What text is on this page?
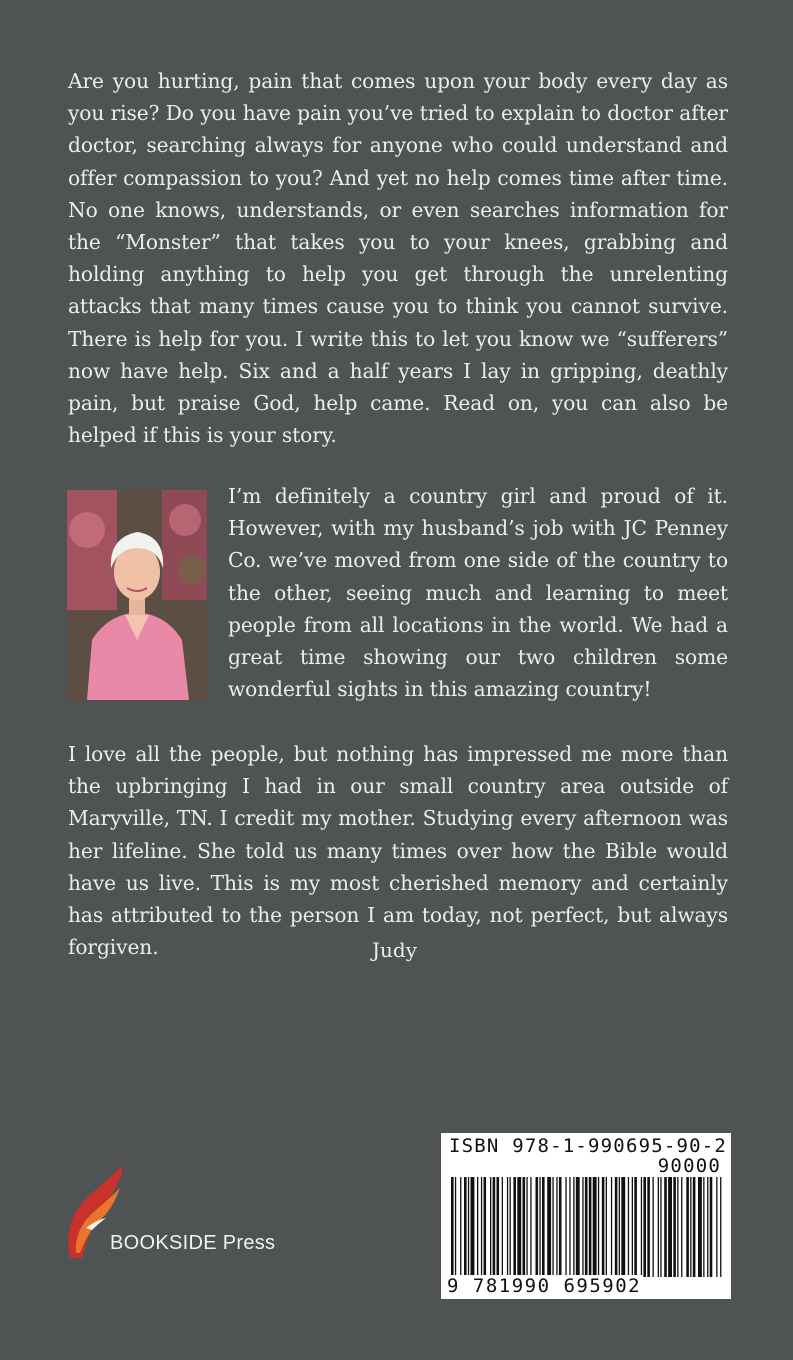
Are you hurting, pain that comes upon your body every day as you rise? Do you have pain you’ve tried to explain to doctor after doctor, searching always for anyone who could understand and offer compassion to you? And yet no help comes time after time. No one knows, understands, or even searches information for the “Monster” that takes you to your knees, grabbing and holding anything to help you get through the unrelenting attacks that many times cause you to think you cannot survive. There is help for you. I write this to let you know we “sufferers” now have help. Six and a half years I lay in gripping, deathly pain, but praise God, help came. Read on, you can also be helped if this is your story.

I’m definitely a country girl and proud of it. However, with my husband’s job with JC Penney Co. we’ve moved from one side of the country to the other, seeing much and learning to meet people from all locations in the world. We had a great time showing our two children some wonderful sights in this amazing country!

I love all the people, but nothing has impressed me more than the upbringing I had in our small country area outside of Maryville, TN. I credit my mother. Studying every afternoon was her lifeline. She told us many times over how the Bible would have us live. This is my most cherished memory and certainly has attributed to the person I am today, not perfect, but always forgiven.	Judy
BOOKSIDE Press
ISBN 978-1-990695-90-2
90000
9 781990 695902
